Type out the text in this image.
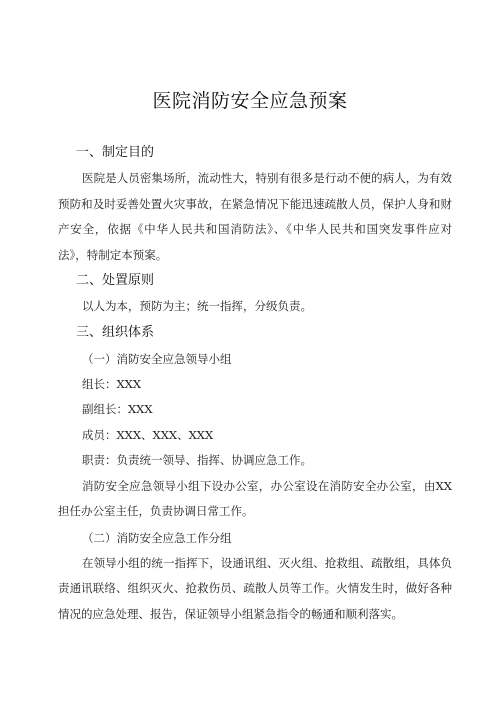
医院消防安全应急预案
一、制定目的
医院是人员密集场所，流动性大，特别有很多是行动不便的病人，为有效预防和及时妥善处置火灾事故，在紧急情况下能迅速疏散人员，保护人身和财产安全，依据《中华人民共和国消防法》、《中华人民共和国突发事件应对法》，特制定本预案。
二、处置原则
以人为本，预防为主；统一指挥，分级负责。
三、组织体系
（一）消防安全应急领导小组
组长：XXX
副组长：XXX
成员：XXX、XXX、XXX
职责：负责统一领导、指挥、协调应急工作。
消防安全应急领导小组下设办公室，办公室设在消防安全办公室，由XX担任办公室主任，负责协调日常工作。
（二）消防安全应急工作分组
在领导小组的统一指挥下，设通讯组、灭火组、抢救组、疏散组，具体负责通讯联络、组织灭火、抢救伤员、疏散人员等工作。火情发生时，做好各种情况的应急处理、报告，保证领导小组紧急指令的畅通和顺利落实。
